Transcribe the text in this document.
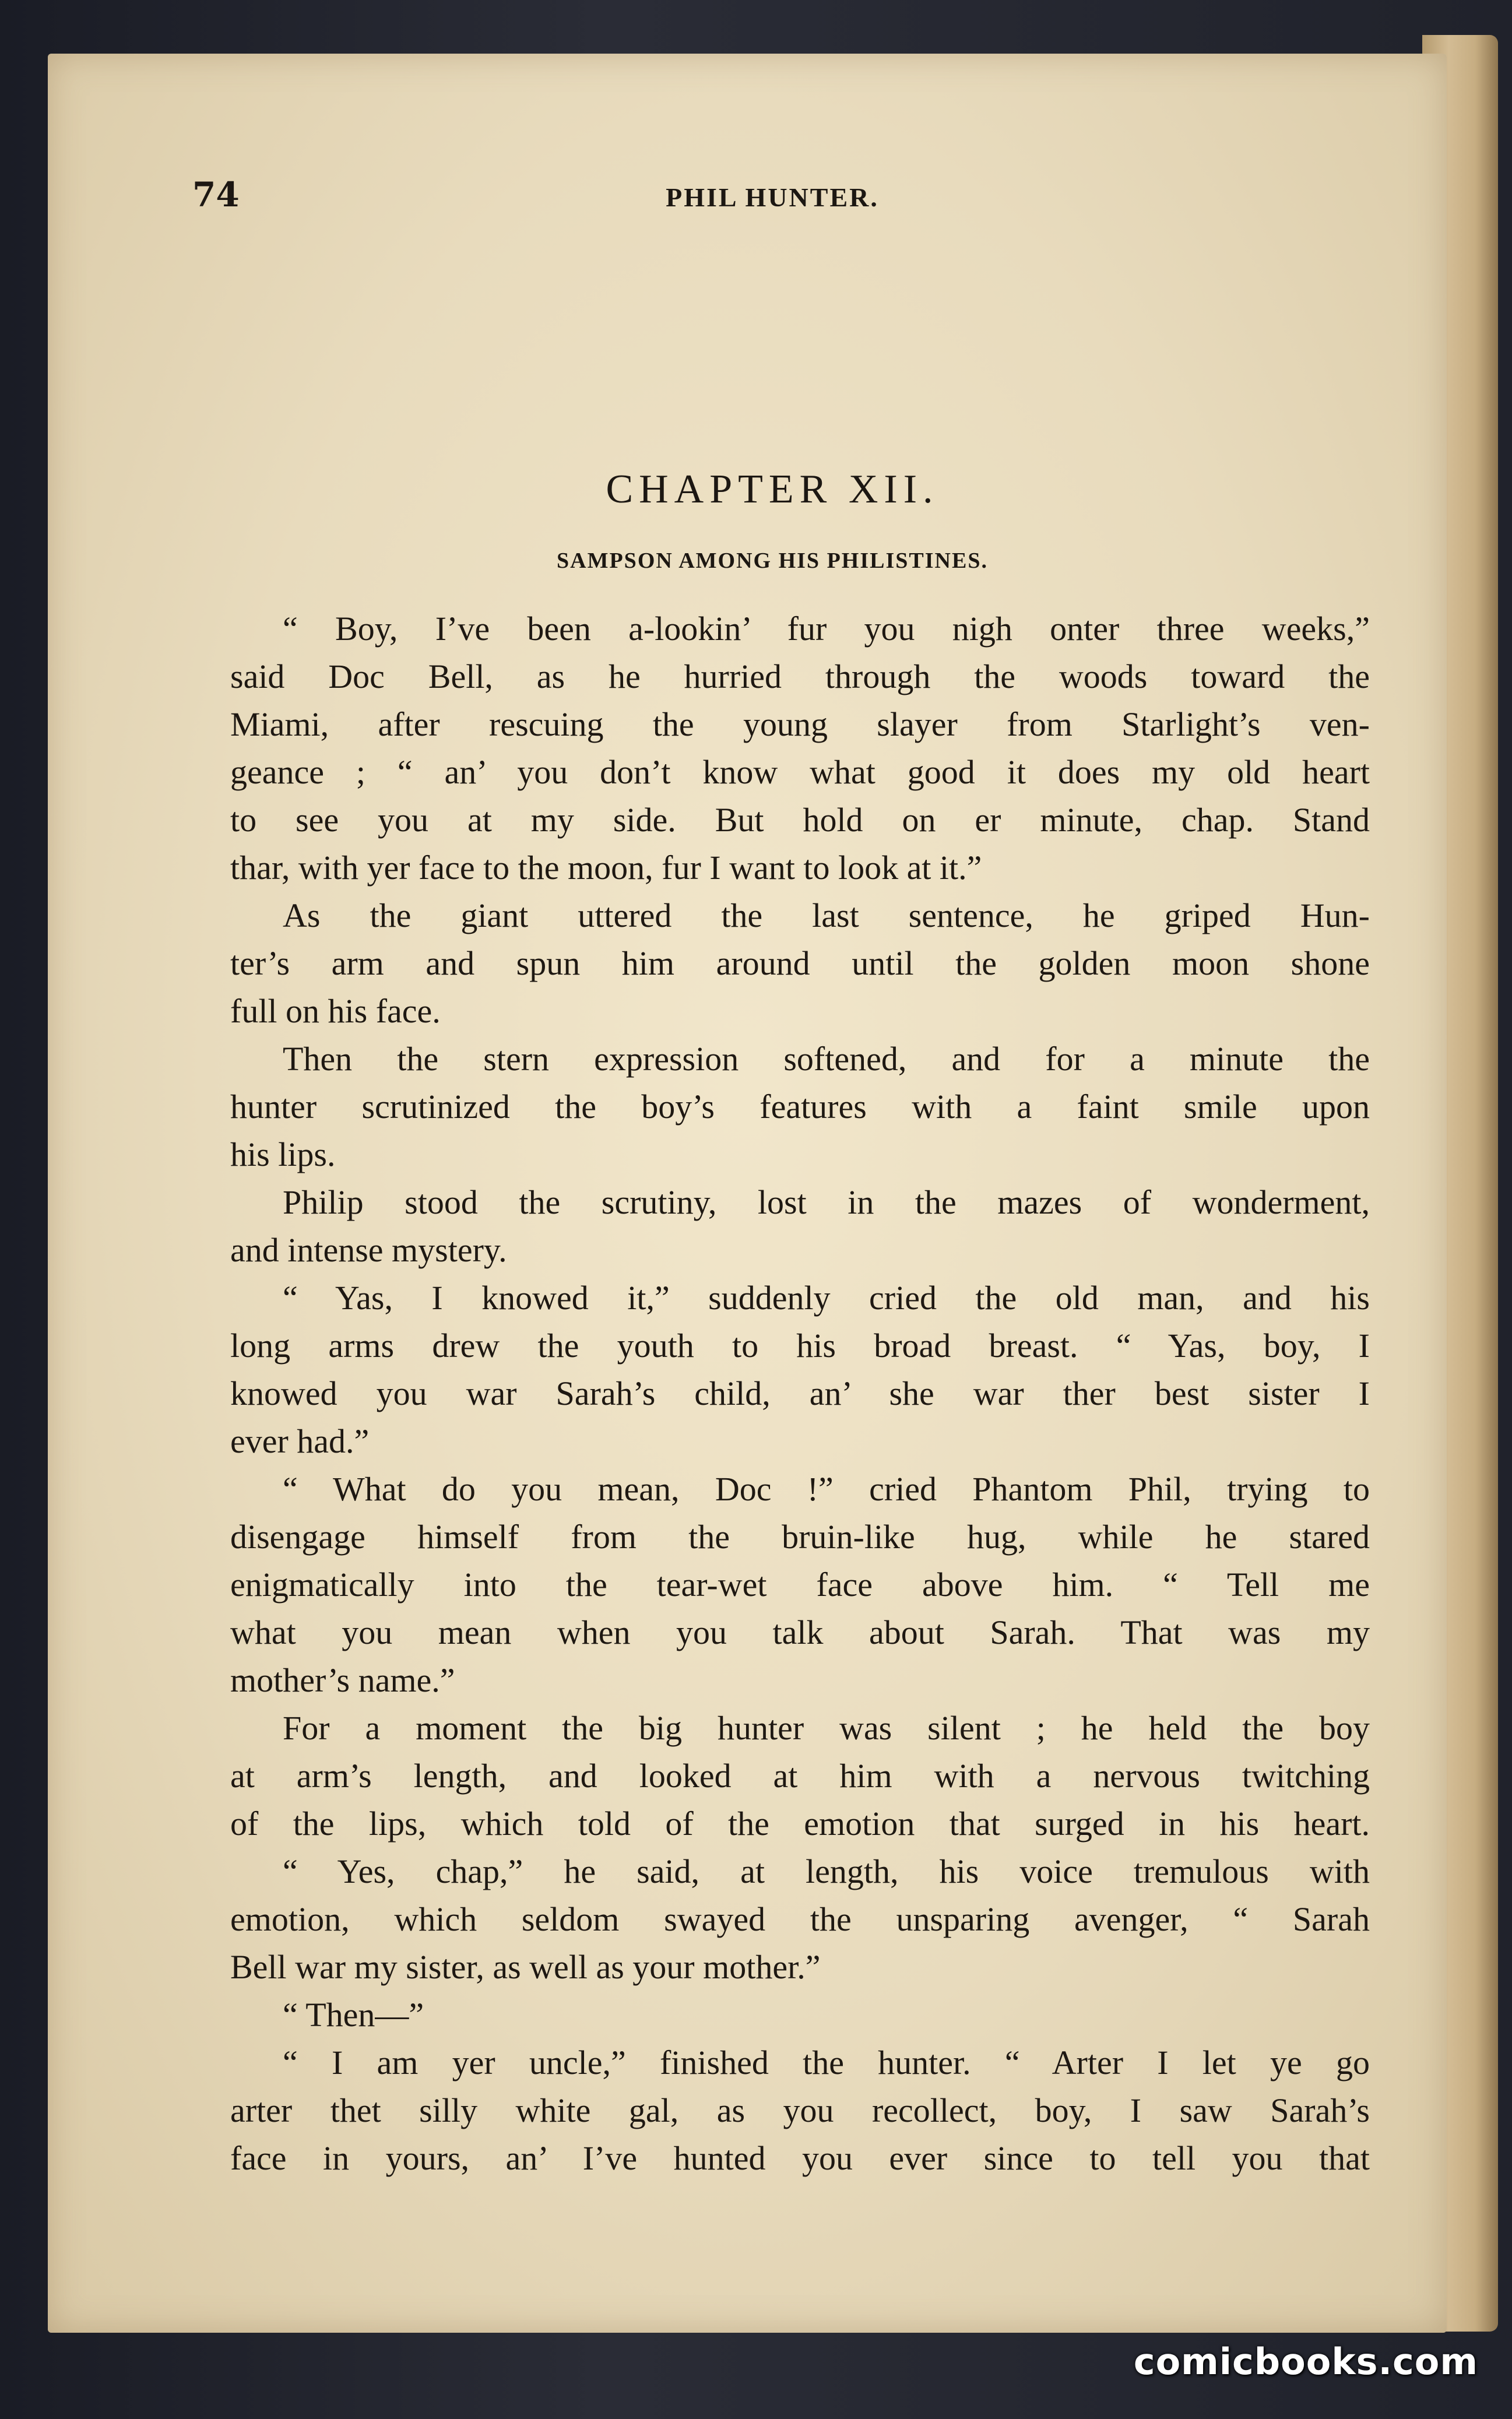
74	PHIL HUNTER.
CHAPTER XII.
SAMPSON AMONG HIS PHILISTINES.
“ Boy, I’ve been a-lookin’ fur you nigh onter three weeks,”
said Doc Bell, as he hurried through the woods toward the
Miami, after rescuing the young slayer from Starlight’s ven-
geance ; “ an’ you don’t know what good it does my old heart
to see you at my side. But hold on er minute, chap. Stand
thar, with yer face to the moon, fur I want to look at it.”
As the giant uttered the last sentence, he griped Hun-
ter’s arm and spun him around until the golden moon shone
full on his face.
Then the stern expression softened, and for a minute the
hunter scrutinized the boy’s features with a faint smile upon
his lips.
Philip stood the scrutiny, lost in the mazes of wonderment,
and intense mystery.
“ Yas, I knowed it,” suddenly cried the old man, and his
long arms drew the youth to his broad breast. “ Yas, boy, I
knowed you war Sarah’s child, an’ she war ther best sister I
ever had.”
“ What do you mean, Doc !” cried Phantom Phil, trying to
disengage himself from the bruin-like hug, while he stared
enigmatically into the tear-wet face above him. “ Tell me
what you mean when you talk about Sarah. That was my
mother’s name.”
For a moment the big hunter was silent ; he held the boy
at arm’s length, and looked at him with a nervous twitching
of the lips, which told of the emotion that surged in his heart.
“ Yes, chap,” he said, at length, his voice tremulous with
emotion, which seldom swayed the unsparing avenger, “ Sarah
Bell war my sister, as well as your mother.”
“ Then—”
“ I am yer uncle,” finished the hunter. “ Arter I let ye go
arter thet silly white gal, as you recollect, boy, I saw Sarah’s
face in yours, an’ I’ve hunted you ever since to tell you that
comicbooks.com
